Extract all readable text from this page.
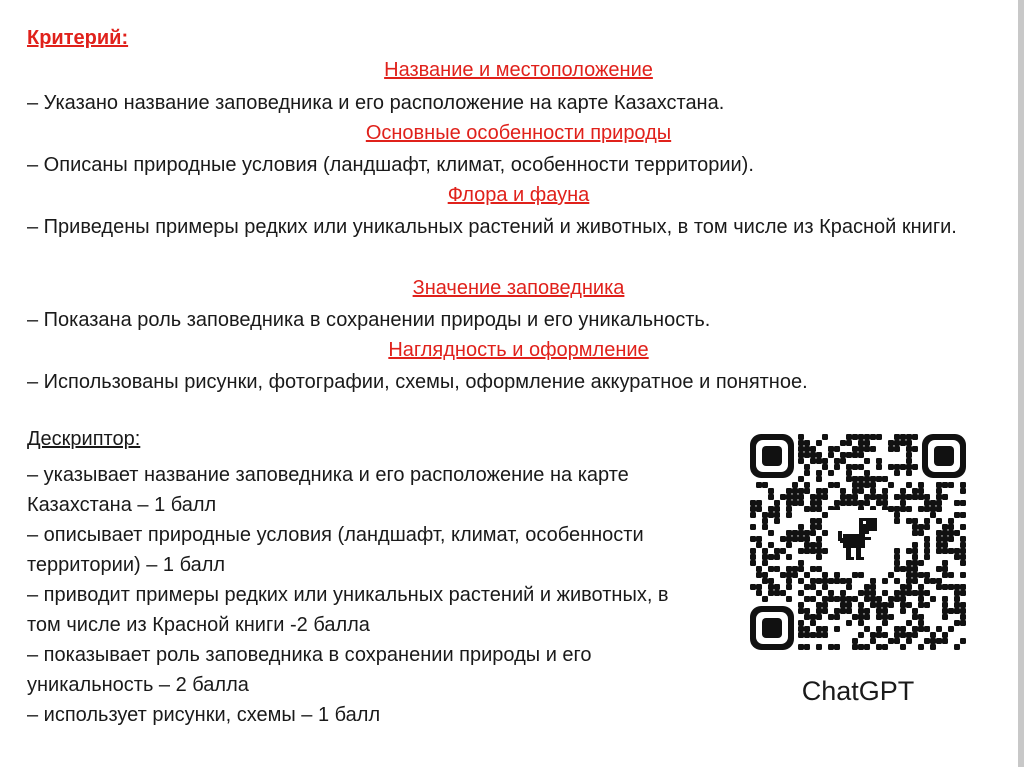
Критерий:

Название и местоположение

– Указано название заповедника и его расположение на карте Казахстана.

Основные особенности природы

– Описаны природные условия (ландшафт, климат, особенности территории).

Флора и фауна

– Приведены примеры редких или уникальных растений и животных, в том числе из Красной книги.

Значение заповедника

– Показана роль заповедника в сохранении природы и его уникальность.

Наглядность и оформление

– Использованы рисунки, фотографии, схемы, оформление аккуратное и понятное.

Дескриптор:

– указывает название заповедника и его расположение на карте Казахстана – 1 балл
– описывает природные условия (ландшафт, климат, особенности территории) – 1 балл
– приводит примеры редких или уникальных растений и животных, в том числе из Красной книги -2 балла
– показывает роль заповедника в сохранении природы и его уникальность – 2 балла
– использует рисунки, схемы – 1 балл

ChatGPT
